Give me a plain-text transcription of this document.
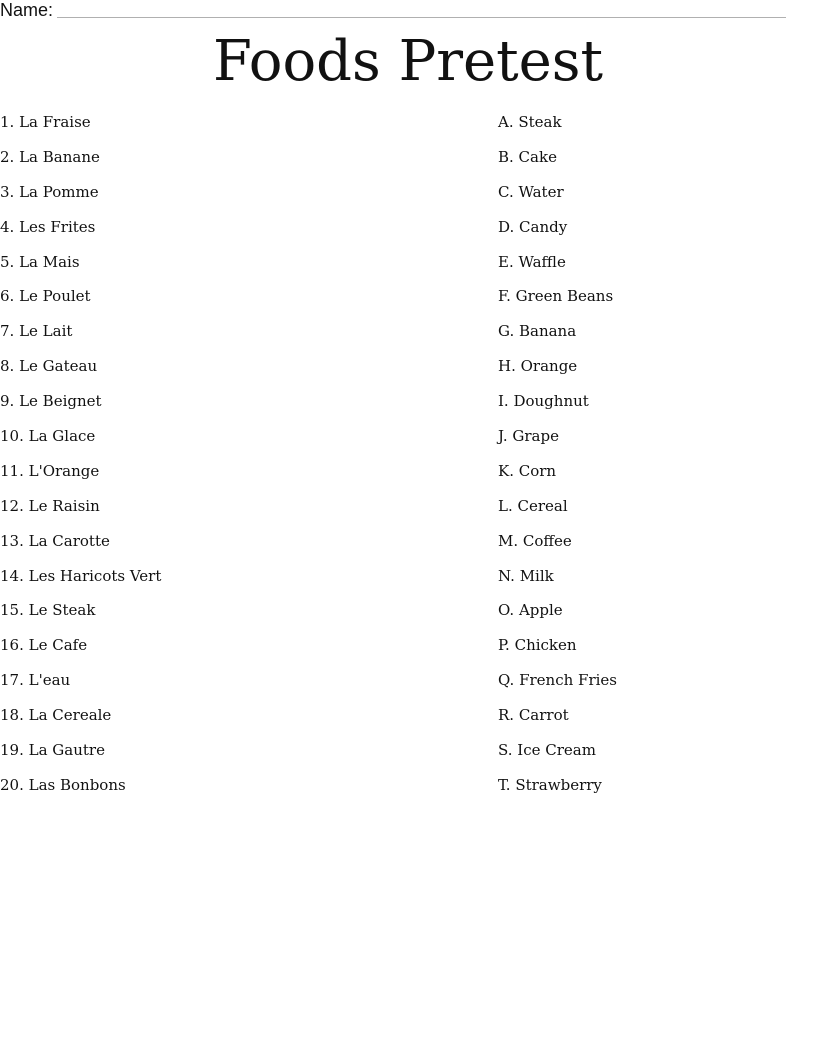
Name:
Foods Pretest
1. La Fraise
2. La Banane
3. La Pomme
4. Les Frites
5. La Mais
6. Le Poulet
7. Le Lait
8. Le Gateau
9. Le Beignet
10. La Glace
11. L'Orange
12. Le Raisin
13. La Carotte
14. Les Haricots Vert
15. Le Steak
16. Le Cafe
17. L'eau
18. La Cereale
19. La Gautre
20. Las Bonbons
A. Steak
B. Cake
C. Water
D. Candy
E. Waffle
F. Green Beans
G. Banana
H. Orange
I. Doughnut
J. Grape
K. Corn
L. Cereal
M. Coffee
N. Milk
O. Apple
P. Chicken
Q. French Fries
R. Carrot
S. Ice Cream
T. Strawberry
